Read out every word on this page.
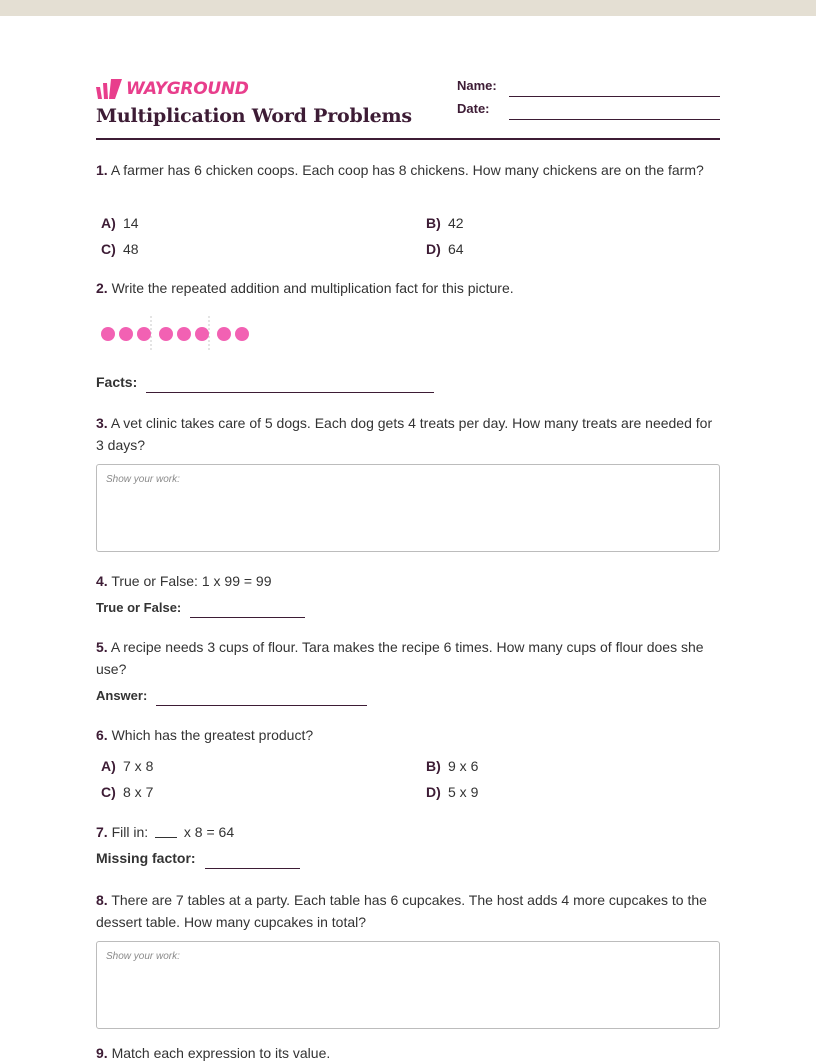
WAYGROUND
Multiplication Word Problems
Name:
Date:
1. A farmer has 6 chicken coops. Each coop has 8 chickens. How many chickens are on the farm?
A) 14	B) 42
C) 48	D) 64
2. Write the repeated addition and multiplication fact for this picture.
Facts:
3. A vet clinic takes care of 5 dogs. Each dog gets 4 treats per day. How many treats are needed for 3 days?
Show your work:
4. True or False: 1 x 99 = 99
True or False:
5. A recipe needs 3 cups of flour. Tara makes the recipe 6 times. How many cups of flour does she use?
Answer:
6. Which has the greatest product?
A) 7 x 8	B) 9 x 6
C) 8 x 7	D) 5 x 9
7. Fill in:	x 8 = 64
Missing factor:
8. There are 7 tables at a party. Each table has 6 cupcakes. The host adds 4 more cupcakes to the dessert table. How many cupcakes in total?
Show your work:
9. Match each expression to its value.
